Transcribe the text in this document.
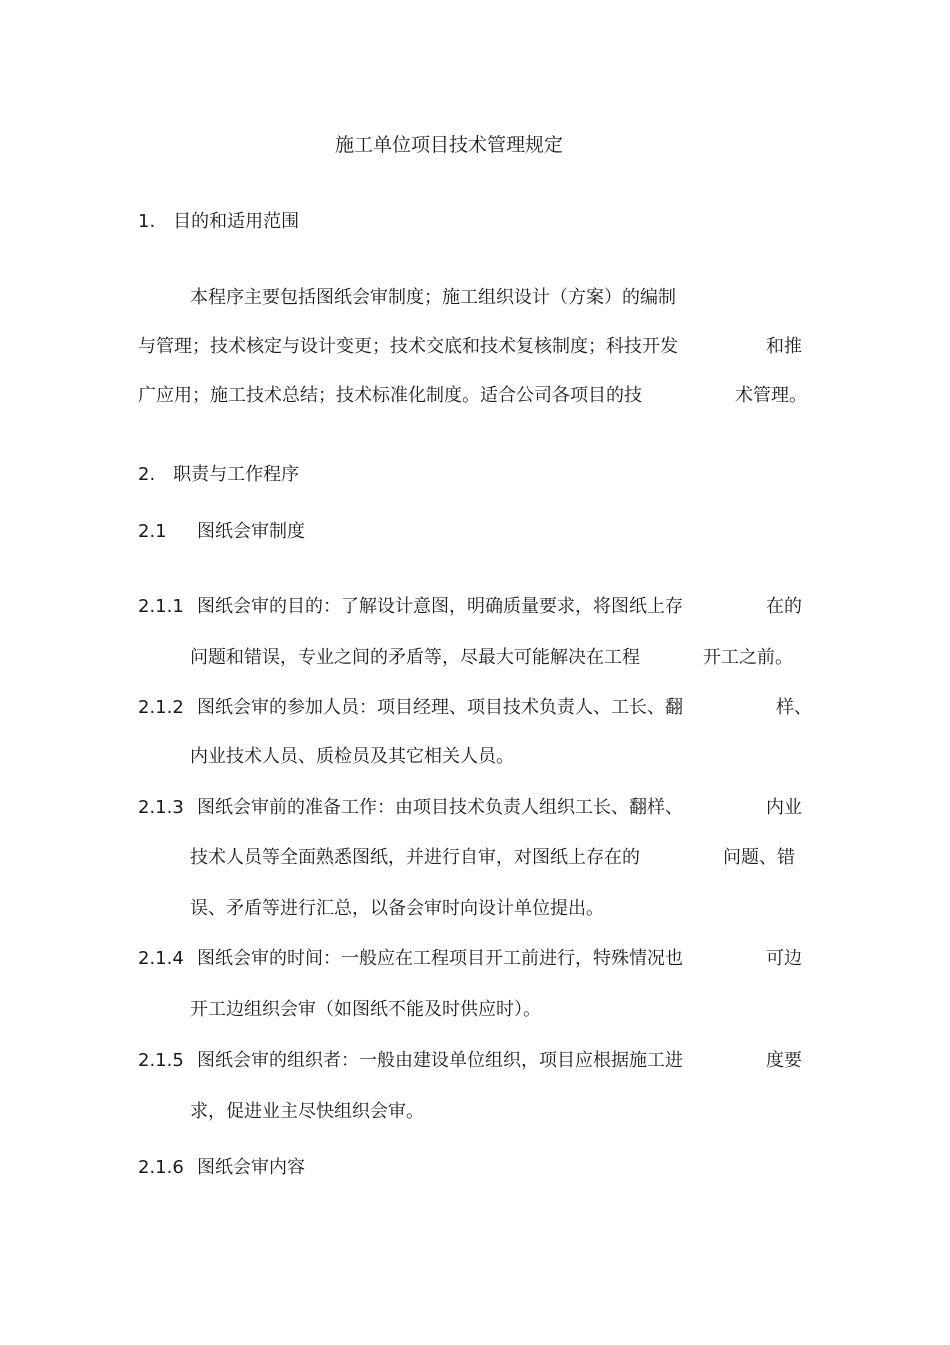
施工单位项目技术管理规定
1.　目的和适用范围
本程序主要包括图纸会审制度；施工组织设计（方案）的编制
与管理；技术核定与设计变更；技术交底和技术复核制度；科技开发	和推
广应用；施工技术总结；技术标准化制度。适合公司各项目的技	术管理。
2.　职责与工作程序
2.1 图纸会审制度
2.1.1 图纸会审的目的：了解设计意图，明确质量要求，将图纸上存	在的
问题和错误，专业之间的矛盾等，尽最大可能解决在工程	开工之前。
2.1.2 图纸会审的参加人员：项目经理、项目技术负责人、工长、翻	样、
内业技术人员、质检员及其它相关人员。
2.1.3 图纸会审前的准备工作：由项目技术负责人组织工长、翻样、	内业
技术人员等全面熟悉图纸，并进行自审，对图纸上存在的	问题、错
误、矛盾等进行汇总，以备会审时向设计单位提出。
2.1.4 图纸会审的时间：一般应在工程项目开工前进行，特殊情况也	可边
开工边组织会审（如图纸不能及时供应时）。
2.1.5 图纸会审的组织者：一般由建设单位组织，项目应根据施工进	度要
求，促进业主尽快组织会审。
2.1.6 图纸会审内容
